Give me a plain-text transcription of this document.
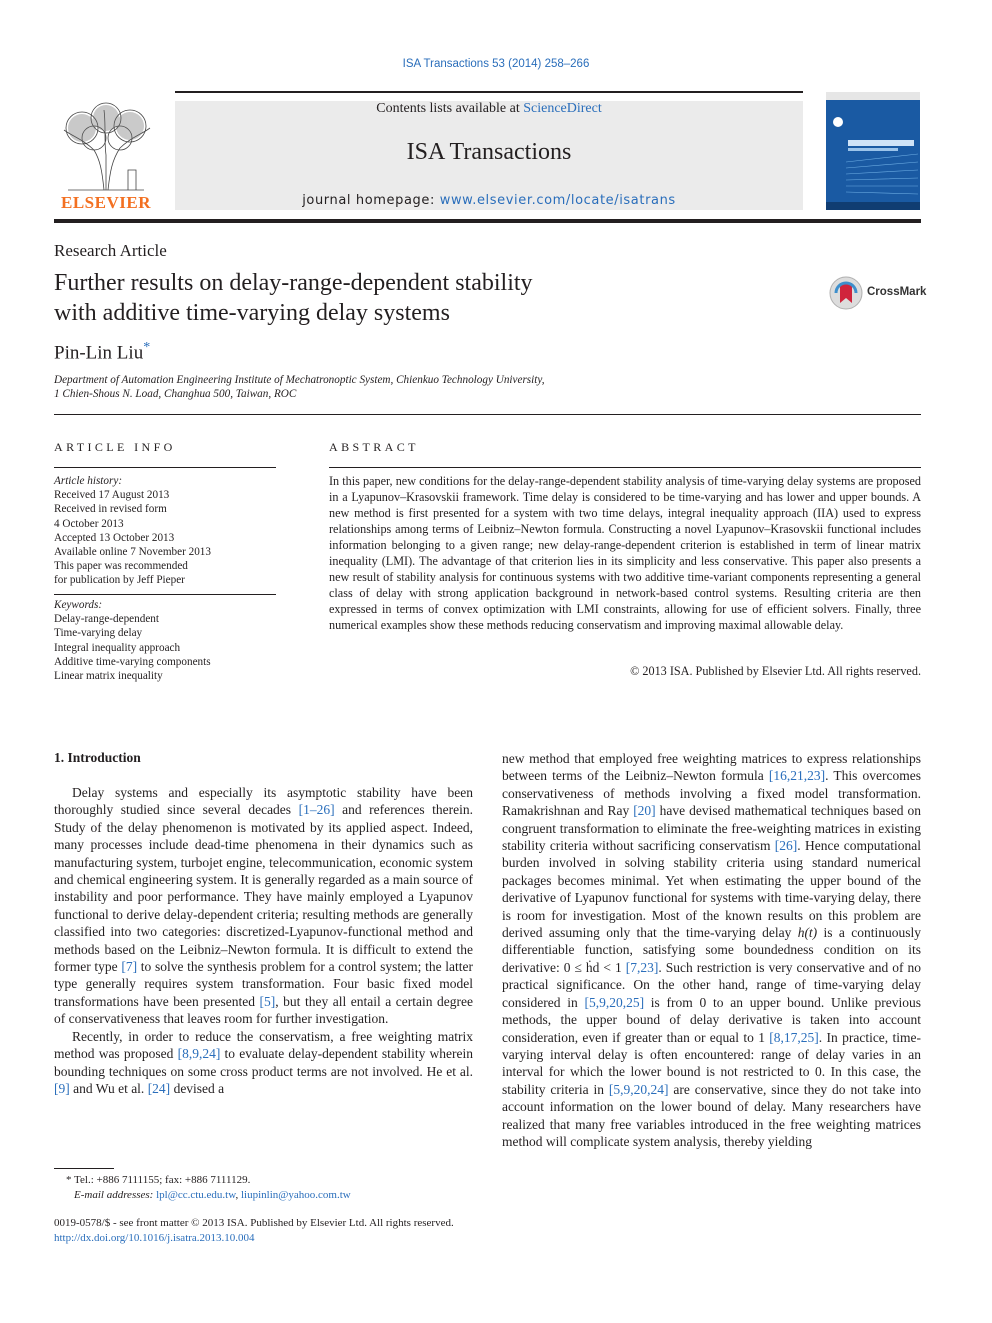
ISA Transactions 53 (2014) 258–266
ELSEVIER
Contents lists available at ScienceDirect
ISA Transactions
journal homepage: www.elsevier.com/locate/isatrans
Research Article
Further results on delay-range-dependent stability
with additive time-varying delay systems
CrossMark
Pin-Lin Liu*
Department of Automation Engineering Institute of Mechatronoptic System, Chienkuo Technology University,
1 Chien-Shous N. Load, Changhua 500, Taiwan, ROC
ARTICLE INFO
Article history:
Received 17 August 2013
Received in revised form
4 October 2013
Accepted 13 October 2013
Available online 7 November 2013
This paper was recommended
for publication by Jeff Pieper
Keywords:
Delay-range-dependent
Time-varying delay
Integral inequality approach
Additive time-varying components
Linear matrix inequality
ABSTRACT
In this paper, new conditions for the delay-range-dependent stability analysis of time-varying delay systems are proposed in a Lyapunov–Krasovskii framework. Time delay is considered to be time-varying and has lower and upper bounds. A new method is first presented for a system with two time delays, integral inequality approach (IIA) used to express relationships among terms of Leibniz–Newton formula. Constructing a novel Lyapunov–Krasovskii functional includes information belonging to a given range; new delay-range-dependent criterion is established in term of linear matrix inequality (LMI). The advantage of that criterion lies in its simplicity and less conservative. This paper also presents a new result of stability analysis for continuous systems with two additive time-variant components representing a general class of delay with strong application background in network-based control systems. Resulting criteria are then expressed in terms of convex optimization with LMI constraints, allowing for use of efficient solvers. Finally, three numerical examples show these methods reducing conservatism and improving maximal allowable delay.
© 2013 ISA. Published by Elsevier Ltd. All rights reserved.
1. Introduction

Delay systems and especially its asymptotic stability have been thoroughly studied since several decades [1–26] and references therein. Study of the delay phenomenon is motivated by its applied aspect. Indeed, many processes include dead-time phenomena in their dynamics such as manufacturing system, turbojet engine, telecommunication, economic system and chemical engineering system. It is generally regarded as a main source of instability and poor performance. They have mainly employed a Lyapunov functional to derive delay-dependent criteria; resulting methods are generally classified into two categories: discretized-Lyapunov-functional method and methods based on the Leibniz–Newton formula. It is difficult to extend the former type [7] to solve the synthesis problem for a control system; the latter type generally requires system transformation. Four basic fixed model transformations have been presented [5], but they all entail a certain degree of conservativeness that leaves room for further investigation.

Recently, in order to reduce the conservatism, a free weighting matrix method was proposed [8,9,24] to evaluate delay-dependent stability wherein bounding techniques on some cross product terms are not involved. He et al. [9] and Wu et al. [24] devised a

new method that employed free weighting matrices to express relationships between terms of the Leibniz–Newton formula [16,21,23]. This overcomes conservativeness of methods involving a fixed model transformation. Ramakrishnan and Ray [20] have devised mathematical techniques based on congruent transformation to eliminate the free-weighting matrices in existing stability criteria without sacrificing conservatism [26]. Hence computational burden involved in solving stability criteria using standard numerical packages becomes minimal. Yet when estimating the upper bound of the derivative of Lyapunov functional for systems with time-varying delay, there is room for investigation. Most of the known results on this problem are derived assuming only that the time-varying delay h(t) is a continuously differentiable function, satisfying some boundedness condition on its derivative: 0 ≤ ḣd < 1 [7,23]. Such restriction is very conservative and of no practical significance. On the other hand, range of time-varying delay considered in [5,9,20,25] is from 0 to an upper bound. Unlike previous methods, the upper bound of delay derivative is taken into account consideration, even if greater than or equal to 1 [8,17,25]. In practice, time-varying interval delay is often encountered: range of delay varies in an interval for which the lower bound is not restricted to 0. In this case, the stability criteria in [5,9,20,24] are conservative, since they do not take into account information on the lower bound of delay. Many researchers have realized that many free variables introduced in the free weighting matrices method will complicate system analysis, thereby yielding

* Tel.: +886 7111155; fax: +886 7111129.
E-mail addresses: lpl@cc.ctu.edu.tw, liupinlin@yahoo.com.tw
0019-0578/$ - see front matter © 2013 ISA. Published by Elsevier Ltd. All rights reserved.
http://dx.doi.org/10.1016/j.isatra.2013.10.004
